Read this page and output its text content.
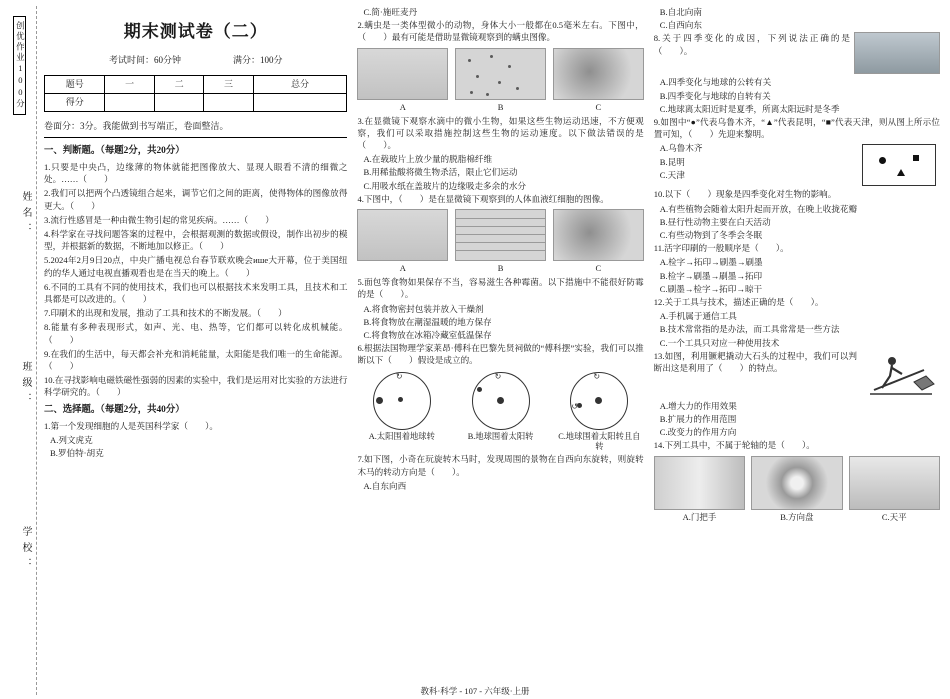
创优作业100分
姓名：
班级：
学校：
期末测试卷（二）
考试时间：60分钟	满分：100分
题号	一	二	三	总分
得分				
卷面分：3分。我能做到书写端正，卷面整洁。
一、判断题。（每题2分，共20分）
1.只要是中央凸，边缘薄的物体就能把图像放大、显现人眼看不清的细微之处。……（　　）
2.我们可以把两个凸透镜组合起来，调节它们之间的距离，使得物体的图像放得更大。（　　）
3.流行性感冒是一种由微生物引起的常见疾病。……（　　）
4.科学家在寻找问题答案的过程中，会根据观测的数据或假设，制作出初步的模型，并根据新的数据，不断地加以修正。（　　）
5.2024年2月9日20点，中央广播电视总台春节联欢晚会ише大开幕，位于美国纽约的华人通过电视直播观看也是在当天的晚上。（　　）
6.不同的工具有不同的使用技术，我们也可以根据技术来发明工具，且技术和工具都是可以改进的。（　　）
7.印刷术的出现和发展，推动了工具和技术的不断发展。（　　）
8.能量有多种表现形式，如声、光、电、热等，它们都可以转化成机械能。（　　）
9.在我们的生活中，每天都会补充和消耗能量，太阳能是我们唯一的生命能源。（　　）
10.在寻找影响电磁铁磁性强弱的因素的实验中，我们是运用对比实验的方法进行科学研究的。（　　）
二、选择题。（每题2分，共40分）
1.第一个发现细胞的人是英国科学家（　　）。
A.列文虎克
B.罗伯特·胡克
C.简·施旺麦丹
2.螨虫是一类体型微小的动物，身体大小一般都在0.5毫米左右。下图中，（　　）最有可能是借助显微镜观察到的螨虫图像。
A	B	C
3.在显微镜下观察水滴中的微小生物，如果这些生物运动迅速，不方便观察，我们可以采取措施控制这些生物的运动速度。以下做法错误的是（　　）。
A.在载玻片上放少量的脱脂棉纤维
B.用稀盐酸将微生物杀活，限止它们运动
C.用吸水纸在盖玻片的边缘吸走多余的水分
4.下图中，（　　）是在显微镜下观察到的人体血液红细胞的图像。
A	B	C
5.面包等食物如果保存不当，容易滋生各种霉菌。以下措施中不能很好防霉的是（　　）。
A.将食物密封包装并放入干燥剂
B.将食物放在潮湿温暖的地方保存
C.将食物放在冰箱冷藏室低温保存
6.根据法国物理学家莱昂·傅科在巴黎先贤祠做的“傅科摆”实验，我们可以推断以下（　　）假设是成立的。
↻
A.太阳围着地球转
↻
B.地球围着太阳转
↻
↺
C.地球围着太阳转且自转
7.如下图，小奇在玩旋转木马时，发现周围的景物在自西向东旋转，则旋转木马的转动方向是（　　）。
A.自东向西
B.自北向南
C.自西向东
8.关于四季变化的成因，下列说法正确的是（　　）。
A.四季变化与地球的公转有关
B.四季变化与地球的自转有关
C.地球离太阳近时是夏季，所离太阳远时是冬季
9.如图中“●”代表乌鲁木齐，“▲”代表昆明，“■”代表天津，则从图上所示位置可知，（　　）先迎来黎明。
A.乌鲁木齐
B.昆明
C.天津
10.以下（　　）现象是四季变化对生物的影响。
A.有些植物会随着太阳升起而开放，在晚上收拢花瓣
B.昼行性动物主要在白天活动
C.有些动物到了冬季会冬眠
11.活字印刷的一般顺序是（　　）。
A.检字→拓印→刷墨→刷墨
B.检字→刷墨→刷墨→拓印
C.刷墨→检字→拓印→晾干
12.关于工具与技术，描述正确的是（　　）。
A.手机属于通信工具
B.技术常常指的是办法，而工具常常是一些方法
C.一个工具只对应一种使用技术
13.如图，利用镢耙撬动大石头的过程中，我们可以判断出这是利用了（　　）的特点。
A.增大力的作用效果
B.扩展力的作用范围
C.改变力的作用方向
14.下列工具中，不属于轮轴的是（　　）。
A.门把手	B.方向盘	C.天平
教科·科学 - 107 - 六年级·上册
